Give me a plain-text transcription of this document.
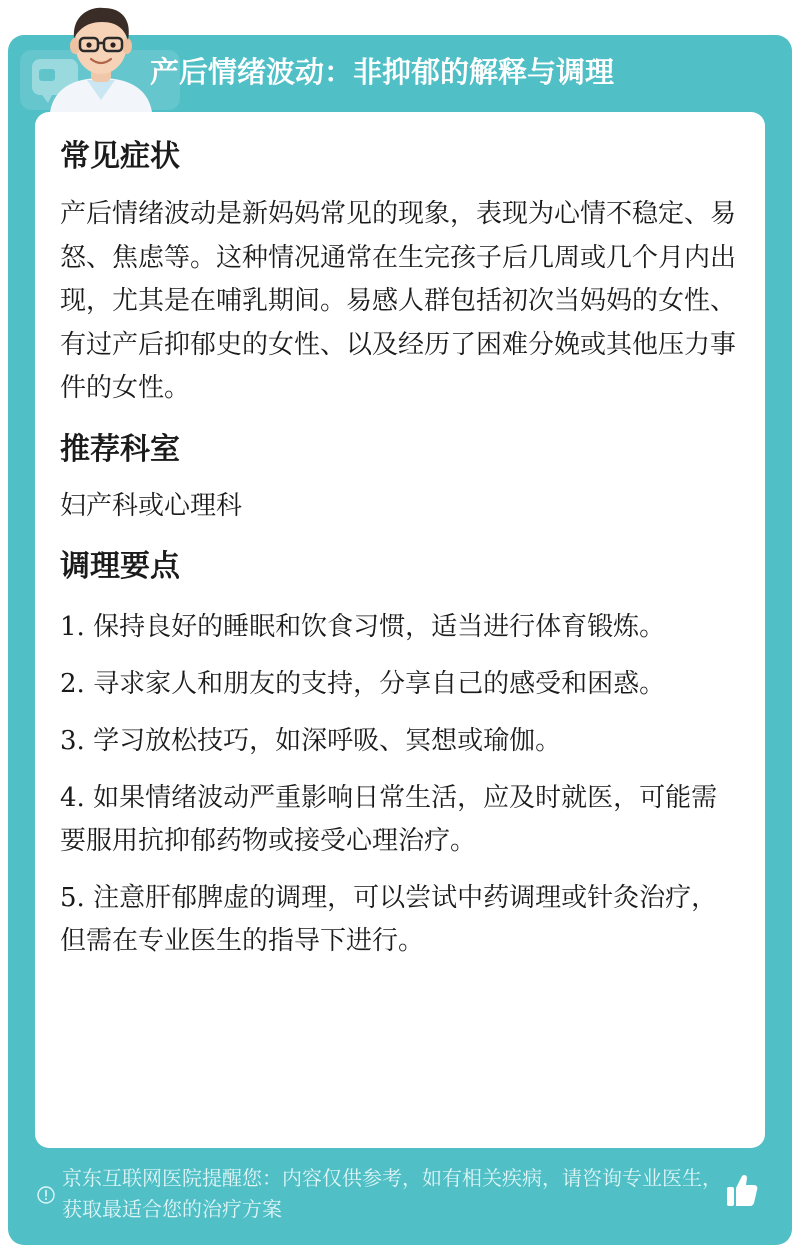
产后情绪波动：非抑郁的解释与调理
常见症状

产后情绪波动是新妈妈常见的现象，表现为心情不稳定、易怒、焦虑等。这种情况通常在生完孩子后几周或几个月内出现，尤其是在哺乳期间。易感人群包括初次当妈妈的女性、有过产后抑郁史的女性、以及经历了困难分娩或其他压力事件的女性。

推荐科室

妇产科或心理科

调理要点

1. 保持良好的睡眠和饮食习惯，适当进行体育锻炼。

2. 寻求家人和朋友的支持，分享自己的感受和困惑。

3. 学习放松技巧，如深呼吸、冥想或瑜伽。

4. 如果情绪波动严重影响日常生活，应及时就医，可能需要服用抗抑郁药物或接受心理治疗。

5. 注意肝郁脾虚的调理，可以尝试中药调理或针灸治疗，但需在专业医生的指导下进行。

京东互联网医院提醒您：内容仅供参考，如有相关疾病，请咨询专业医生，获取最适合您的治疗方案
